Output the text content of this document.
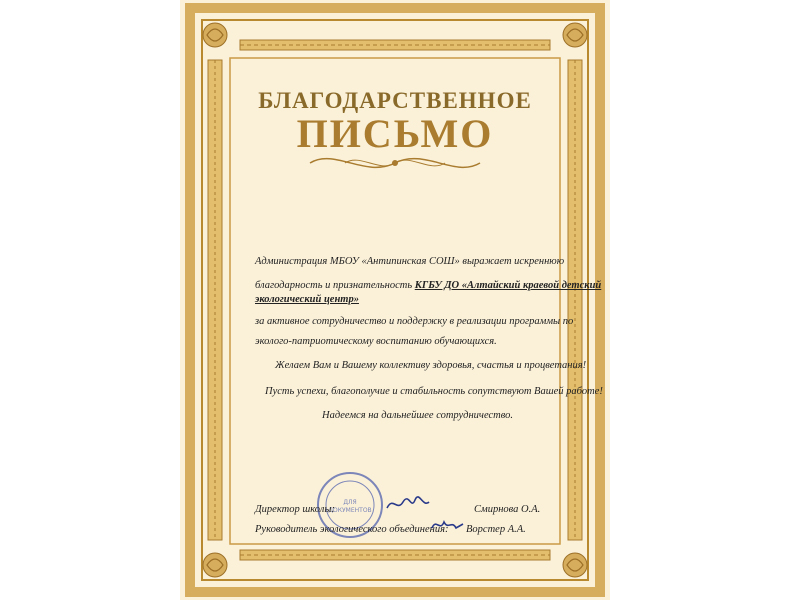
БЛАГОДАРСТВЕННОЕ
ПИСЬМО
Администрация МБОУ «Антипинская СОШ» выражает искреннюю
благодарность и признательность КГБУ ДО «Алтайский краевой детский
экологический центр»
за активное сотрудничество и поддержку в реализации программы по
эколого-патриотическому воспитанию обучающихся.
Желаем Вам и Вашему коллективу здоровья, счастья и процветания!
Пусть успехи, благополучие и стабильность сопутствуют Вашей работе!
Надеемся на дальнейшее сотрудничество.
ДЛЯ
ДОКУМЕНТОВ
Директор школы:	Смирнова О.А.
Руководитель экологического объединения: Ворстер А.А.
